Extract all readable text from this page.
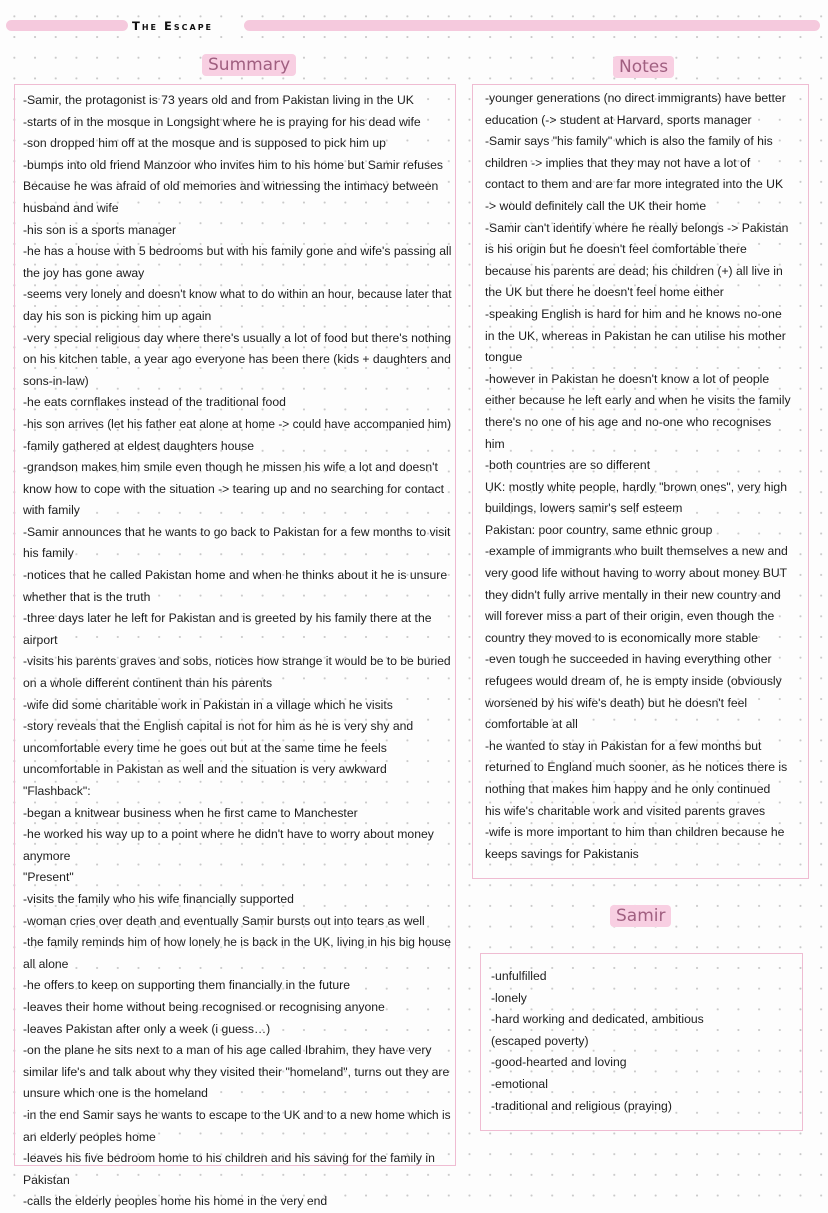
The Escape
Summary	Notes
Samir
-Samir, the protagonist is 73 years old and from Pakistan living in the UK
-starts of in the mosque in Longsight where he is praying for his dead wife
-son dropped him off at the mosque and is supposed to pick him up
-bumps into old friend Manzoor who invites him to his home but Samir refuses
Because he was afraid of old memories and witnessing the intimacy between
husband and wife
-his son is a sports manager
-he has a house with 5 bedrooms but with his family gone and wife's passing all
the joy has gone away
-seems very lonely and doesn't know what to do within an hour, because later that
day his son is picking him up again
-very special religious day where there's usually a lot of food but there's nothing
on his kitchen table, a year ago everyone has been there (kids + daughters and
sons-in-law)
-he eats cornflakes instead of the traditional food
-his son arrives (let his father eat alone at home -> could have accompanied him)
-family gathered at eldest daughters house
-grandson makes him smile even though he missen his wife a lot and doesn't
know how to cope with the situation -> tearing up and no searching for contact
with family
-Samir announces that he wants to go back to Pakistan for a few months to visit
his family
-notices that he called Pakistan home and when he thinks about it he is unsure
whether that is the truth
-three days later he left for Pakistan and is greeted by his family there at the
airport
-visits his parents graves and sobs, notices how strange it would be to be buried
on a whole different continent than his parents
-wife did some charitable work in Pakistan in a village which he visits
-story reveals that the English capital is not for him as he is very shy and
uncomfortable every time he goes out but at the same time he feels
uncomfortable in Pakistan as well and the situation is very awkward
"Flashback":
-began a knitwear business when he first came to Manchester
-he worked his way up to a point where he didn't have to worry about money
anymore
"Present"
-visits the family who his wife financially supported
-woman cries over death and eventually Samir bursts out into tears as well
-the family reminds him of how lonely he is back in the UK, living in his big house
all alone
-he offers to keep on supporting them financially in the future
-leaves their home without being recognised or recognising anyone
-leaves Pakistan after only a week (i guess…)
-on the plane he sits next to a man of his age called Ibrahim, they have very
similar life's and talk about why they visited their "homeland", turns out they are
unsure which one is the homeland
-in the end Samir says he wants to escape to the UK and to a new home which is
an elderly peoples home
-leaves his five bedroom home to his children and his saving for the family in
Pakistan
-calls the elderly peoples home his home in the very end
-younger generations (no direct immigrants) have better
education (-> student at Harvard, sports manager
-Samir says "his family" which is also the family of his
children -> implies that they may not have a lot of
contact to them and are far more integrated into the UK
-> would definitely call the UK their home
-Samir can't identify where he really belongs -> Pakistan
is his origin but he doesn't feel comfortable there
because his parents are dead; his children (+) all live in
the UK but there he doesn't feel home either
-speaking English is hard for him and he knows no-one
in the UK, whereas in Pakistan he can utilise his mother
tongue
-however in Pakistan he doesn't know a lot of people
either because he left early and when he visits the family
there's no one of his age and no-one who recognises
him
-both countries are so different
UK: mostly white people, hardly "brown ones", very high
buildings, lowers samir's self esteem
Pakistan: poor country, same ethnic group
-example of immigrants who built themselves a new and
very good life without having to worry about money BUT
they didn't fully arrive mentally in their new country and
will forever miss a part of their origin, even though the
country they moved to is economically more stable
-even tough he succeeded in having everything other
refugees would dream of, he is empty inside (obviously
worsened by his wife's death) but he doesn't feel
comfortable at all
-he wanted to stay in Pakistan for a few months but
returned to England much sooner, as he notices there is
nothing that makes him happy and he only continued
his wife's charitable work and visited parents graves
-wife is more important to him than children because he
keeps savings for Pakistanis
-unfulfilled
-lonely
-hard working and dedicated, ambitious
(escaped poverty)
-good-hearted and loving
-emotional
-traditional and religious (praying)
